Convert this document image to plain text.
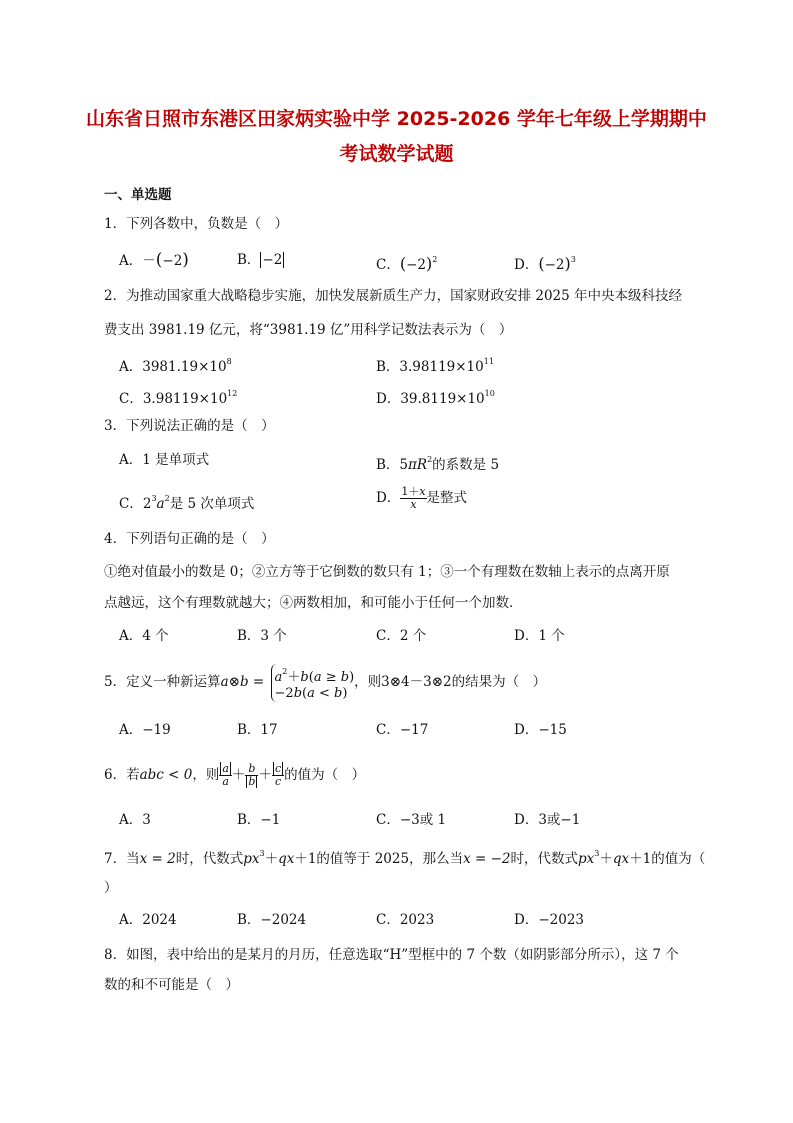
山东省日照市东港区田家炳实验中学 2025-2026 学年七年级上学期期中
考试数学试题
一、单选题
1．下列各数中，负数是（　）
A．－(−2)	B． −2	C．$(-2)^2$	D．$(-2)^3$
2．为推动国家重大战略稳步实施，加快发展新质生产力，国家财政安排 2025 年中央本级科技经
费支出 3981.19 亿元，将“3981.19 亿”用科学记数法表示为（　）
A．$3981.19\times 10^8$	B．$3.98119\times 10^{11}$
C．$3.98119\times 10^{12}$	D．$39.8119\times 10^{10}$
3．下列说法正确的是（　）
A．1 是单项式	B．$5\pi R^2$的系数是 5
C．$2^3a^2$是 5 次单项式	D． $\frac{1+x}{x}$ 是整式
4．下列语句正确的是（　）
①绝对值最小的数是 0；②立方等于它倒数的数只有 1；③一个有理数在数轴上表示的点离开原
点越远，这个有理数就越大；④两数相加，和可能小于任何一个加数．
A．4 个	B．3 个	C．2 个	D．1 个
5．定义一种新运算a⊗b = $a^2+b(a \ge b)$
−2b(a < b)
，则3⊗4－3⊗2的结果为（　）
A．−19	B．17	C．−17	D．−15
6．若abc < 0，则 $\frac{a}{a} + \frac{b}{b} + \frac{c}{c}$ 的值为（　）
A．3	B．−1	C．−3或 1	D．3或−1
7．当x = 2时，代数式$px^3+qx+1$的值等于 2025，那么当x = −2时，代数式$px^3+qx+1$的值为（
）
A．2024	B．−2024	C．2023	D．−2023
8．如图，表中给出的是某月的月历，任意选取“H”型框中的 7 个数（如阴影部分所示），这 7 个
数的和不可能是（　）
